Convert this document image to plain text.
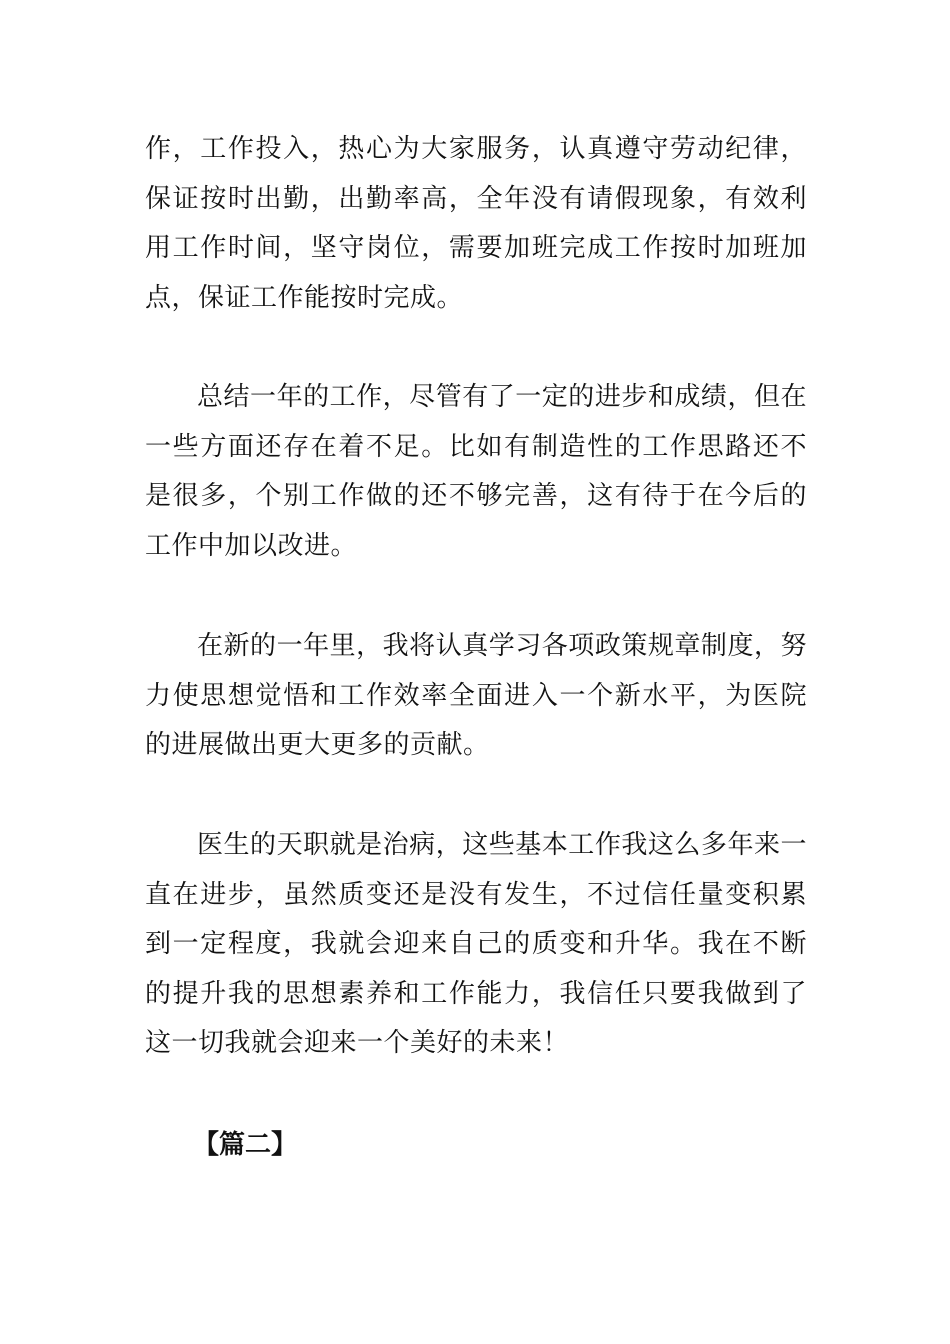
作，工作投入，热心为大家服务，认真遵守劳动纪律，保证按时出勤，出勤率高，全年没有请假现象，有效利用工作时间，坚守岗位，需要加班完成工作按时加班加点，保证工作能按时完成。

总结一年的工作，尽管有了一定的进步和成绩，但在一些方面还存在着不足。比如有制造性的工作思路还不是很多，个别工作做的还不够完善，这有待于在今后的工作中加以改进。

在新的一年里，我将认真学习各项政策规章制度，努力使思想觉悟和工作效率全面进入一个新水平，为医院的进展做出更大更多的贡献。

医生的天职就是治病，这些基本工作我这么多年来一直在进步，虽然质变还是没有发生，不过信任量变积累到一定程度，我就会迎来自己的质变和升华。我在不断的提升我的思想素养和工作能力，我信任只要我做到了这一切我就会迎来一个美好的未来！

【篇二】
